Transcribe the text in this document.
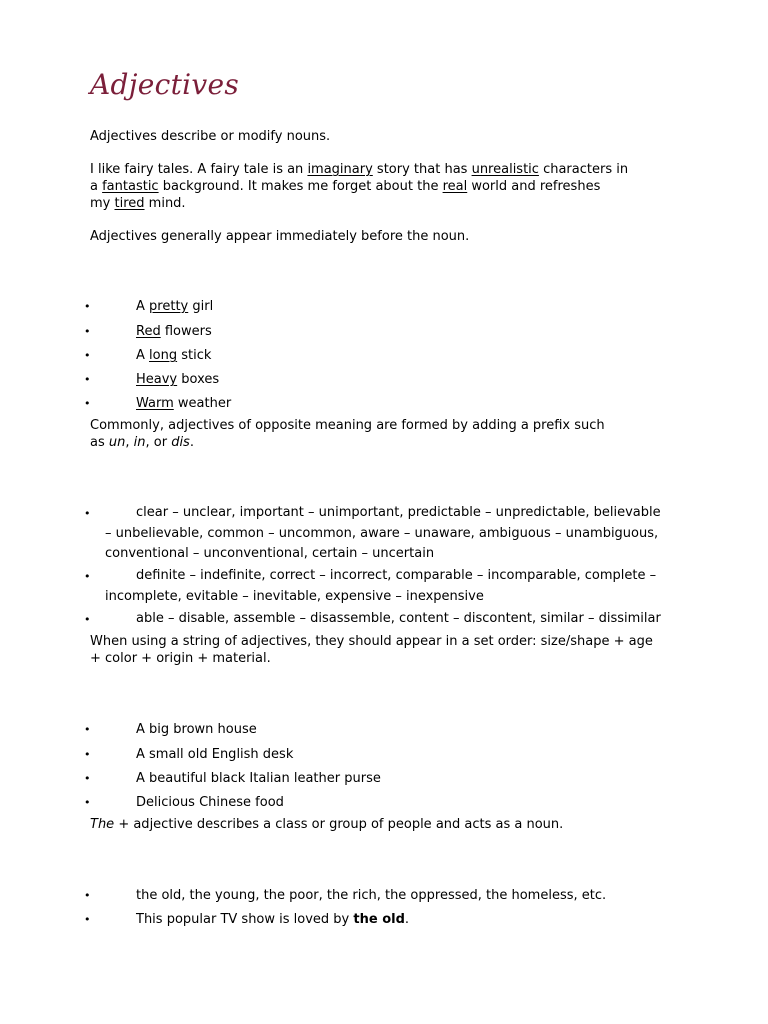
Adjectives
Adjectives describe or modify nouns.
I like fairy tales. A fairy tale is an imaginary story that has unrealistic characters in
a fantastic background. It makes me forget about the real world and refreshes
my tired mind.
Adjectives generally appear immediately before the noun.
•	A pretty girl
•	Red flowers
•	A long stick
•	Heavy boxes
•	Warm weather
Commonly, adjectives of opposite meaning are formed by adding a prefix such
as un, in, or dis.
•	clear – unclear, important – unimportant, predictable – unpredictable, believable
– unbelievable, common – uncommon, aware – unaware, ambiguous – unambiguous,
conventional – unconventional, certain – uncertain
•	definite – indefinite, correct – incorrect, comparable – incomparable, complete –
incomplete, evitable – inevitable, expensive – inexpensive
•	able – disable, assemble – disassemble, content – discontent, similar – dissimilar
When using a string of adjectives, they should appear in a set order: size/shape + age
+ color + origin + material.
•	A big brown house
•	A small old English desk
•	A beautiful black Italian leather purse
•	Delicious Chinese food
The + adjective describes a class or group of people and acts as a noun.
•	the old, the young, the poor, the rich, the oppressed, the homeless, etc.
•	This popular TV show is loved by the old.
